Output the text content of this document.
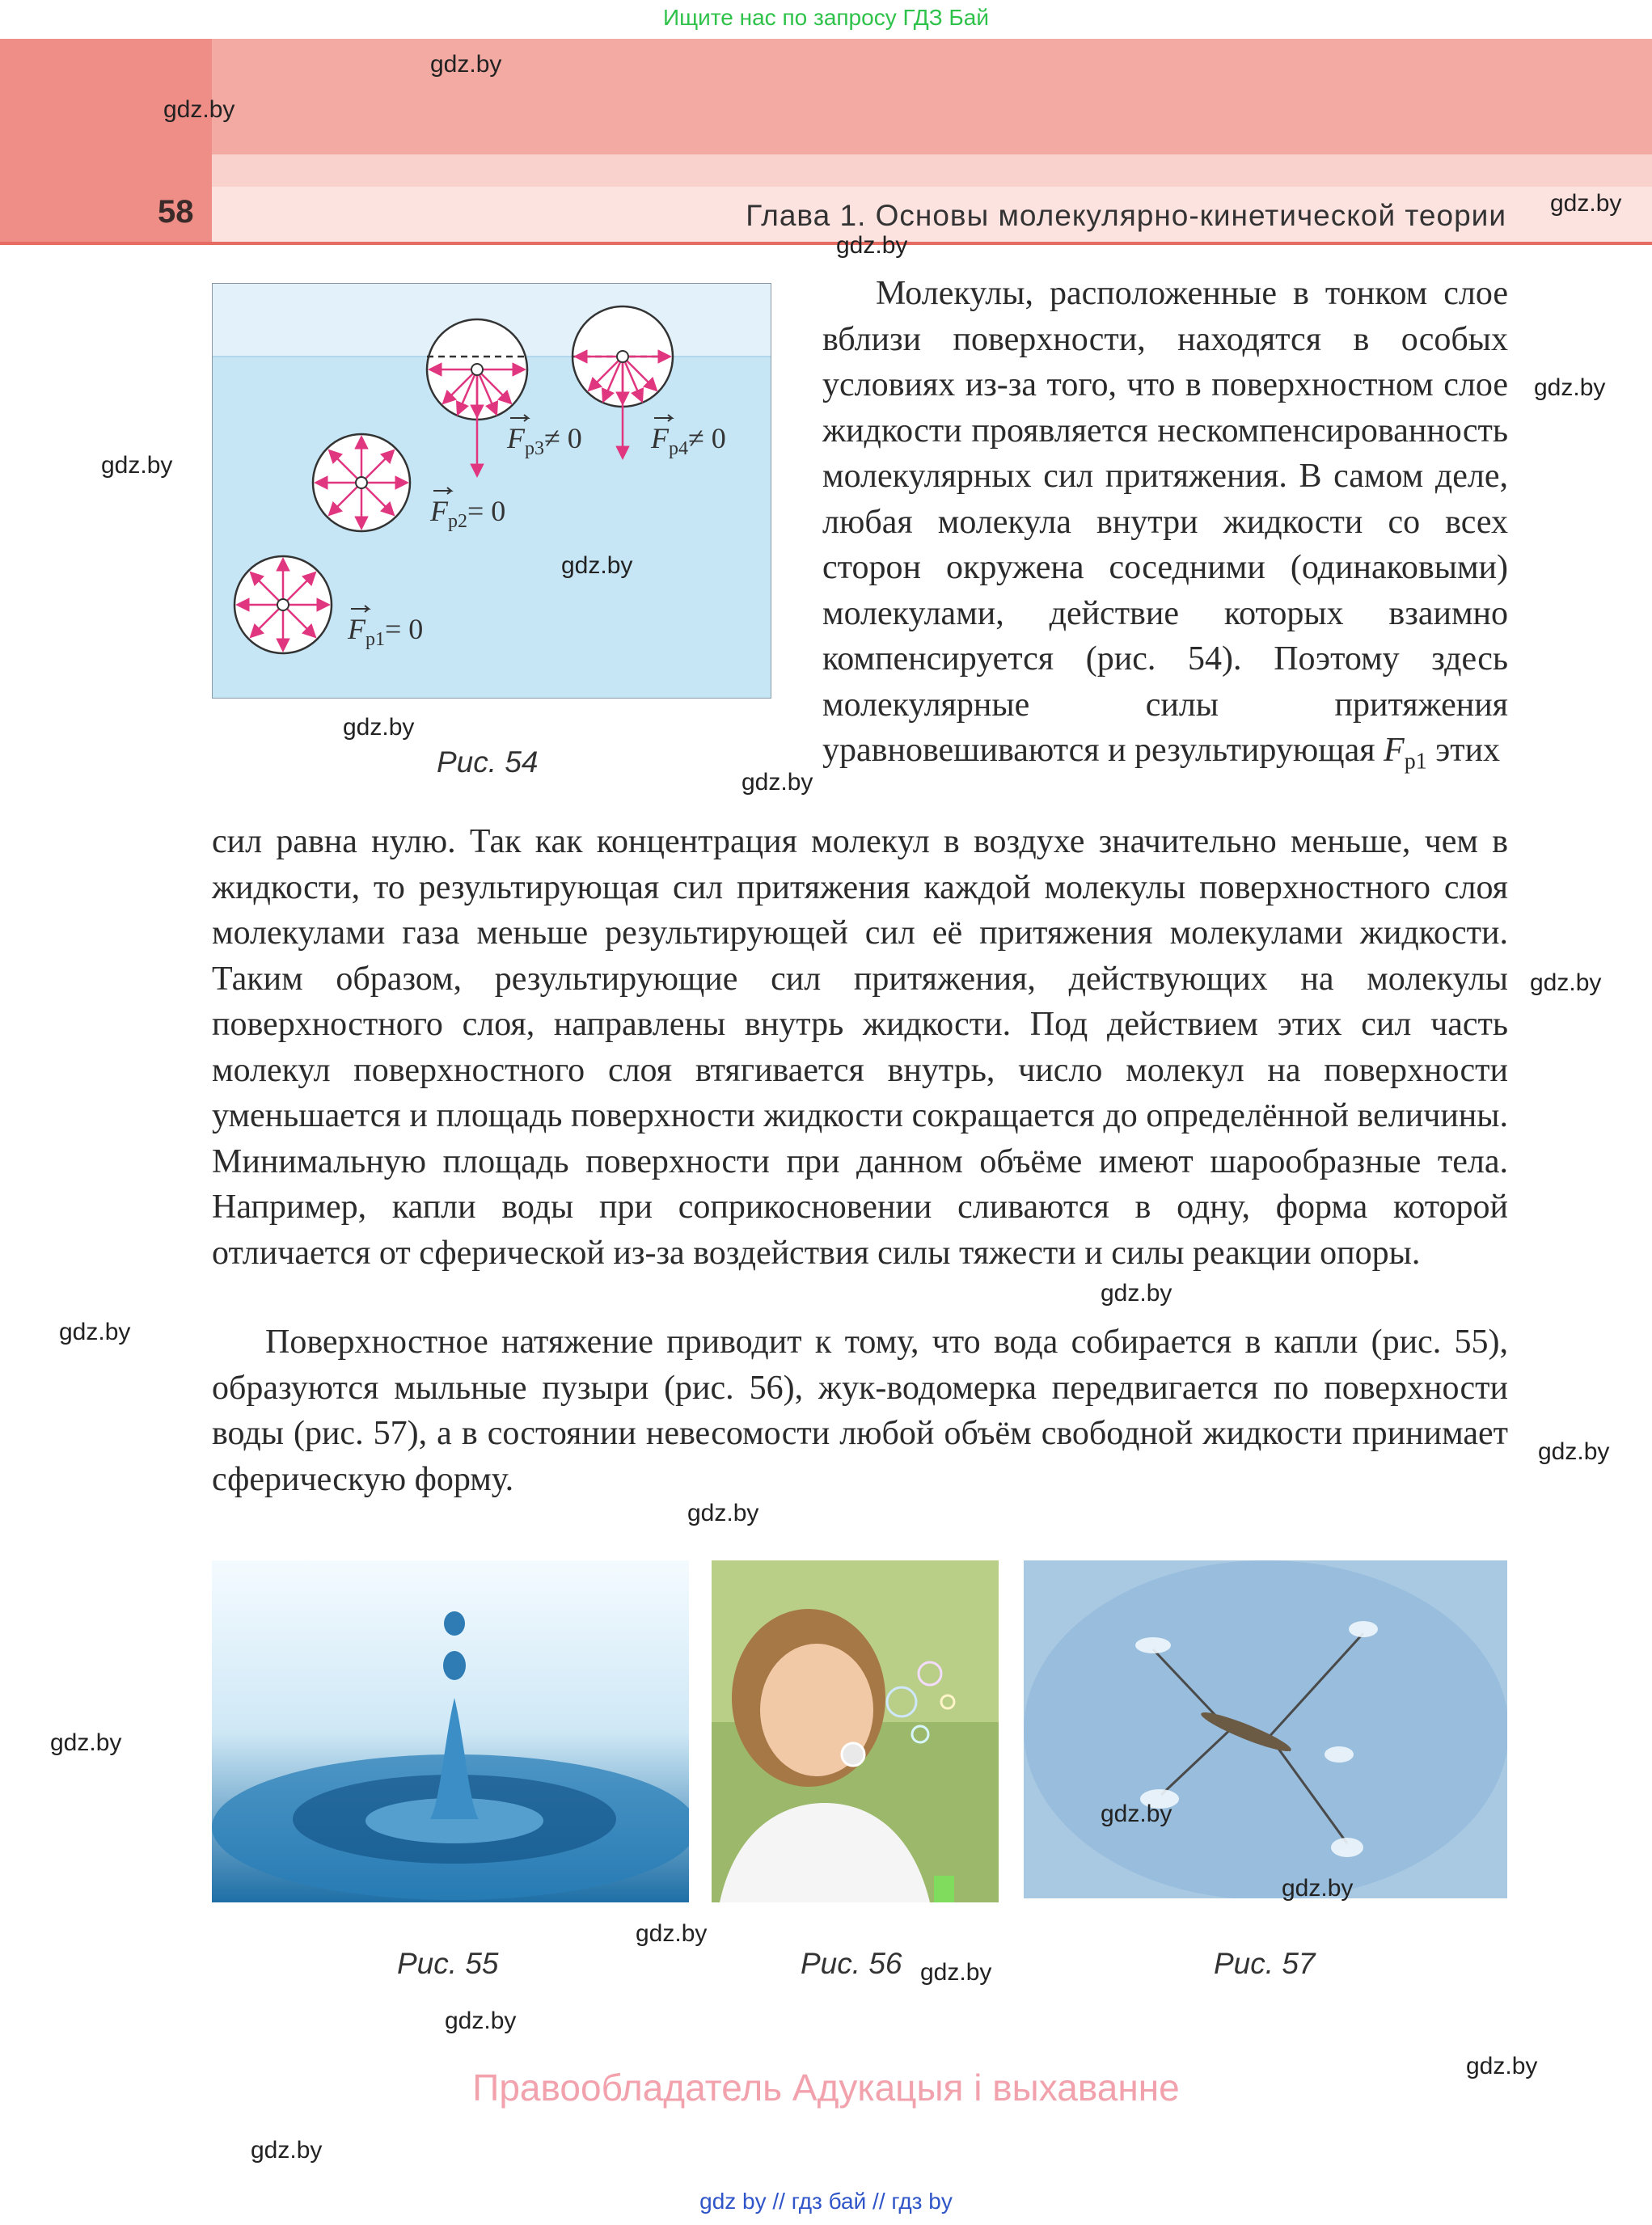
Ищите нас по запросу ГДЗ Бай
58	Глава 1. Основы молекулярно-кинетической теории
$F_{р1}= 0$
$F_{р2}= 0$
$F_{р3}\ne 0$ $F_{р4}\ne 0$
Рис. 54
Молекулы, расположенные в тонком слое вблизи поверхности, находятся в особых условиях из-за того, что в поверхностном слое жидкости проявляется нескомпенсированность молекулярных сил притяжения. В самом деле, любая молекула внутри жидкости со всех сторон окружена соседними (одинаковыми) молекулами, действие которых взаимно компенсируется (рис. 54). Поэтому здесь молекулярные силы притяжения уравновешиваются и результирующая $F_{р1}$ этих
сил равна нулю. Так как концентрация молекул в воздухе значительно меньше, чем в жидкости, то результирующая сил притяжения каждой молекулы поверхностного слоя молекулами газа меньше результирующей сил её притяжения молекулами жидкости. Таким образом, результирующие сил притяжения, действующих на молекулы поверхностного слоя, направлены внутрь жидкости. Под действием этих сил часть молекул поверхностного слоя втягивается внутрь, число молекул на поверхности уменьшается и площадь поверхности жидкости сокращается до определённой величины. Минимальную площадь поверхности при данном объёме имеют шарообразные тела. Например, капли воды при соприкосновении сливаются в одну, форма которой отличается от сферической из-за воздействия силы тяжести и силы реакции опоры.
Поверхностное натяжение приводит к тому, что вода собирается в капли (рис. 55), образуются мыльные пузыри (рис. 56), жук-водомерка передвигается по поверхности воды (рис. 57), а в состоянии невесомости любой объём свободной жидкости принимает сферическую форму.
Рис. 55	Рис. 56	Рис. 57
gdz.by
gdz.by
gdz.by
gdz.by
gdz.by
gdz.by
gdz.by
gdz.by
gdz.by
gdz.by
gdz.by
gdz.by
gdz.by
gdz.by
gdz.by
gdz.by
gdz.by
gdz.by
gdz.by
gdz.by
gdz.by
gdz.by
Правообладатель Адукацыя і выхаванне
gdz by // гдз бай // гдз by
